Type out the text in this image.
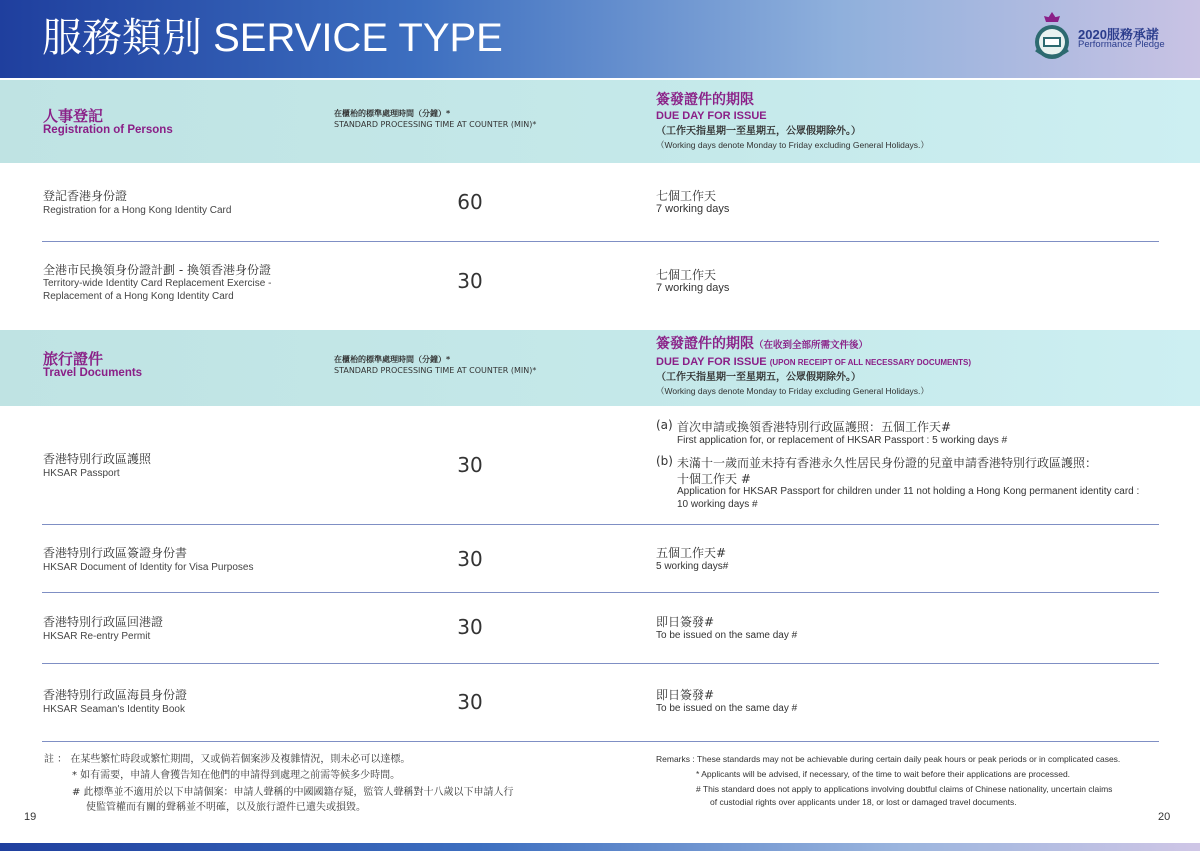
服務類別 SERVICE TYPE	2020服務承諾
Performance Pledge
人事登記
Registration of Persons
在櫃枱的標準處理時間（分鐘）*
STANDARD PROCESSING TIME AT COUNTER (MIN)*
簽發證件的期限
DUE DAY FOR ISSUE
（工作天指星期一至星期五，公眾假期除外。）
（Working days denote Monday to Friday excluding General Holidays.）
登記香港身份證
Registration for a Hong Kong Identity Card	60	七個工作天
7 working days
全港市民換領身份證計劃 - 換領香港身份證
Territory-wide Identity Card Replacement Exercise -
Replacement of a Hong Kong Identity Card
30	七個工作天
7 working days
旅行證件
Travel Documents
在櫃枱的標準處理時間（分鐘）*
STANDARD PROCESSING TIME AT COUNTER (MIN)*
簽發證件的期限（在收到全部所需文件後）
DUE DAY FOR ISSUE (UPON RECEIPT OF ALL NECESSARY DOCUMENTS)
（工作天指星期一至星期五，公眾假期除外。）
（Working days denote Monday to Friday excluding General Holidays.）
香港特別行政區護照
HKSAR Passport	30
(a) 首次申請或換領香港特別行政區護照：五個工作天#
First application for, or replacement of HKSAR Passport : 5 working days #
(b) 未滿十一歲而並未持有香港永久性居民身份證的兒童申請香港特別行政區護照：
十個工作天 #
Application for HKSAR Passport for children under 11 not holding a Hong Kong permanent identity card :
10 working days #
香港特別行政區簽證身份書
HKSAR Document of Identity for Visa Purposes	30	五個工作天#
5 working days#
香港特別行政區回港證
HKSAR Re-entry Permit	30	即日簽發#
To be issued on the same day #
香港特別行政區海員身份證
HKSAR Seaman's Identity Book	30	即日簽發#
To be issued on the same day #
註 ： 在某些繁忙時段或繁忙期間，又或倘若個案涉及複雜情況，則未必可以達標。
* 如有需要，申請人會獲告知在他們的申請得到處理之前需等候多少時間。
# 此標準並不適用於以下申請個案：申請人聲稱的中國國籍存疑，監管人聲稱對十八歲以下申請人行
使監管權而有關的聲稱並不明確，以及旅行證件已遺失或損毀。
Remarks : These standards may not be achievable during certain daily peak hours or peak periods or in complicated cases.
* Applicants will be advised, if necessary, of the time to wait before their applications are processed.
# This standard does not apply to applications involving doubtful claims of Chinese nationality, uncertain claims
of custodial rights over applicants under 18, or lost or damaged travel documents.
19	20
